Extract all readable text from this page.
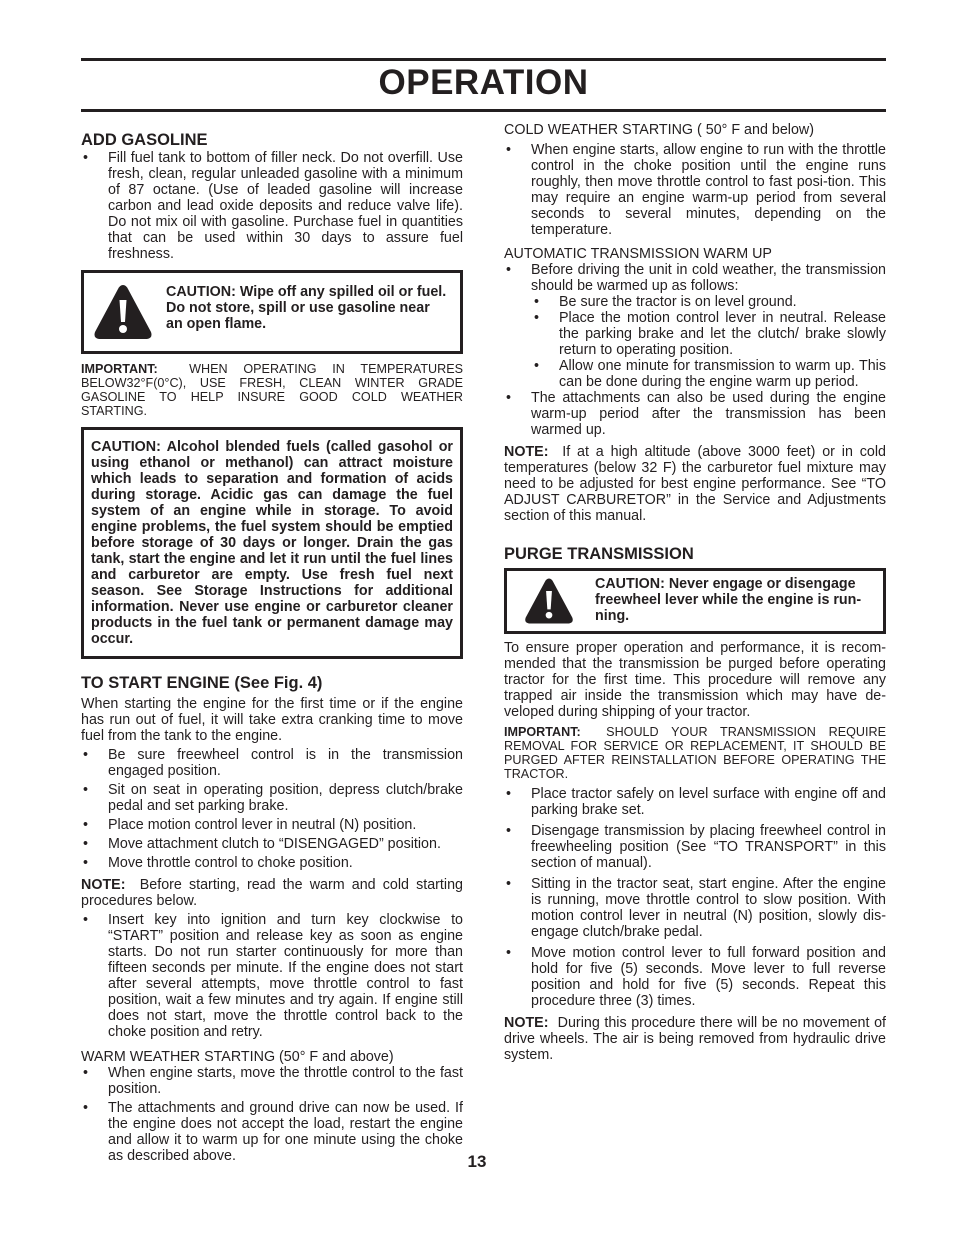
OPERATION
ADD GASOLINE
• Fill fuel tank to bottom of filler neck. Do not overfill. Use fresh, clean, regular unleaded gasoline with a minimum of 87 octane. (Use of leaded gasoline will increase carbon and lead oxide deposits and reduce valve life). Do not mix oil with gasoline. Purchase fuel in quantities that can be used within 30 days to assure fuel freshness.
CAUTION: Wipe off any spilled oil or fuel. Do not store, spill or use gasoline near an open flame.
IMPORTANT: WHEN OPERATING IN TEMPERATURES BELOW32°F(0°C), USE FRESH, CLEAN WINTER GRADE GASOLINE TO HELP INSURE GOOD COLD WEATHER STARTING.
CAUTION: Alcohol blended fuels (called gasohol or using ethanol or methanol) can attract moisture which leads to separation and formation of acids during storage. Acidic gas can damage the fuel system of an engine while in storage. To avoid engine problems, the fuel system should be emptied before storage of 30 days or longer. Drain the gas tank, start the engine and let it run until the fuel lines and carburetor are empty. Use fresh fuel next season. See Storage Instructions for additional information. Never use engine or carburetor cleaner products in the fuel tank or permanent damage may occur.
TO START ENGINE (See Fig. 4)

When starting the engine for the first time or if the engine has run out of fuel, it will take extra cranking time to move fuel from the tank to the engine.

• Be sure freewheel control is in the transmission engaged position.
• Sit on seat in operating position, depress clutch/brake pedal and set parking brake.
• Place motion control lever in neutral (N) position.
• Move attachment clutch to “DISENGAGED” position.
• Move throttle control to choke position.

NOTE: Before starting, read the warm and cold starting procedures below.

• Insert key into ignition and turn key clockwise to “START” position and release key as soon as engine starts. Do not run starter continuously for more than fifteen seconds per minute. If the engine does not start after several attempts, move throttle control to fast position, wait a few minutes and try again. If engine still does not start, move the throttle control back to the choke position and retry.
WARM WEATHER STARTING (50° F and above)
• When engine starts, move the throttle control to the fast position.
• The attachments and ground drive can now be used. If the engine does not accept the load, restart the engine and allow it to warm up for one minute using the choke as described above.
COLD WEATHER STARTING ( 50° F and below)
• When engine starts, allow engine to run with the throttle control in the choke position until the engine runs roughly, then move throttle control to fast posi-tion. This may require an engine warm-up period from several seconds to several minutes, depending on the temperature.
AUTOMATIC TRANSMISSION WARM UP
• Before driving the unit in cold weather, the transmission should be warmed up as follows:
• Be sure the tractor is on level ground.
• Place the motion control lever in neutral. Release the parking brake and let the clutch/ brake slowly return to operating position.
• Allow one minute for transmission to warm up. This can be done during the engine warm up period.
• The attachments can also be used during the engine warm-up period after the transmission has been warmed up.

NOTE: If at a high altitude (above 3000 feet) or in cold temperatures (below 32 F) the carburetor fuel mixture may need to be adjusted for best engine performance. See “TO ADJUST CARBURETOR” in the Service and Adjustments section of this manual.

PURGE TRANSMISSION
CAUTION: Never engage or disengage freewheel lever while the engine is run-ning.

To ensure proper operation and performance, it is recom-mended that the transmission be purged before operating tractor for the first time. This procedure will remove any trapped air inside the transmission which may have de-veloped during shipping of your tractor.

IMPORTANT: SHOULD YOUR TRANSMISSION REQUIRE REMOVAL FOR SERVICE OR REPLACEMENT, IT SHOULD BE PURGED AFTER REINSTALLATION BEFORE OPERATING THE TRACTOR.
• Place tractor safely on level surface with engine off and parking brake set.
• Disengage transmission by placing freewheel control in freewheeling position (See “TO TRANSPORT” in this section of manual).
• Sitting in the tractor seat, start engine. After the engine is running, move throttle control to slow position. With motion control lever in neutral (N) position, slowly dis-engage clutch/brake pedal.
• Move motion control lever to full forward position and hold for five (5) seconds. Move lever to full reverse position and hold for five (5) seconds. Repeat this procedure three (3) times.

NOTE: During this procedure there will be no movement of drive wheels. The air is being removed from hydraulic drive system.

13
